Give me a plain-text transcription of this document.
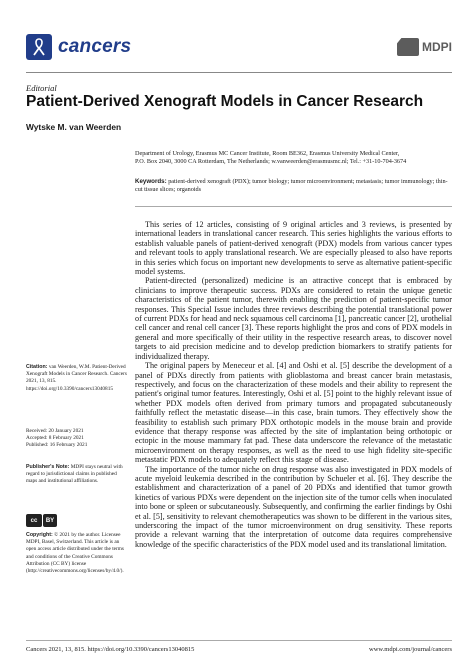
cancers	MDPI
Editorial
Patient-Derived Xenograft Models in Cancer Research
Wytske M. van Weerden
Department of Urology, Erasmus MC Cancer Institute, Room BE362, Erasmus University Medical Center,
P.O. Box 2040, 3000 CA Rotterdam, The Netherlands; w.vanweerden@erasmusmc.nl; Tel.: +31-10-704-3674
Keywords: patient-derived xenograft (PDX); tumor biology; tumor microenvironment; metastasis; tumor immunology; thin-cut tissue slices; organoids

This series of 12 articles, consisting of 9 original articles and 3 reviews, is presented by international leaders in translational cancer research. This series highlights the various efforts to establish valuable panels of patient-derived xenograft (PDX) models from various cancer types and relevant tools to apply translational research. We are especially pleased to also have reports in this series which focus on important new developments to serve as alternative patient-specific model systems.

Patient-directed (personalized) medicine is an attractive concept that is embraced by clinicians to improve therapeutic success. PDXs are considered to retain the unique genetic characteristics of the patient tumor, therewith enabling the prediction of patient-specific tumor responses. This Special Issue includes three reviews describing the potential translational power of current PDXs for head and neck squamous cell carcinoma [1], pancreatic cancer [2], urothelial cell cancer and renal cell cancer [3]. These reports highlight the pros and cons of PDX models in general and more specifically of their utility in the respective research areas, to discover novel targets to aid precision medicine and to develop prediction biomarkers to stratify patients for individualized therapy.

The original papers by Meneceur et al. [4] and Oshi et al. [5] describe the development of a panel of PDXs directly from patients with glioblastoma and breast cancer brain metastasis, respectively, and focus on the characterization of these models and their ability to represent the patient's original tumor features. Interestingly, Oshi et al. [5] point to the highly relevant issue of whether PDX models often derived from primary tumors and propagated subcutaneously faithfully reflect the metastatic disease—in this case, brain tumors. They effectively show the feasibility to establish such primary PDX orthotopic models in the mouse brain and provide evidence that therapy response was affected by the site of implantation being orthotopic or ectopic in the mouse mammary fat pad. These data underscore the relevance of the metastatic microenvironment on therapy responses, as well as the need to use high fidelity site-specific metastatic PDX models to adequately reflect this stage of disease.

The importance of the tumor niche on drug response was also investigated in PDX models of acute myeloid leukemia described in the contribution by Schueler et al. [6]. They describe the establishment and characterization of a panel of 20 PDXs and identified that tumor growth kinetics of various PDXs were dependent on the injection site of the tumor cells when inoculated into bone or spleen or subcutaneously. Subsequently, and confirming the earlier findings by Oshi et al. [5], sensitivity to relevant chemotherapeutics was shown to be different in the various sites, underscoring the impact of the tumor microenvironment on drug sensitivity. These reports provide a relevant warning that the interpretation of outcome data requires comprehensive knowledge of the specific characteristics of the PDX model used and its translational limitation.

Citation: van Weerden, W.M. Patient-Derived Xenograft Models in Cancer Research. Cancers 2021, 13, 815. https://doi.org/10.3390/cancers13040815
Received: 20 January 2021
Accepted: 8 February 2021
Published: 16 February 2021
Publisher's Note: MDPI stays neutral with regard to jurisdictional claims in published maps and institutional affiliations.
cc	BY
Copyright: © 2021 by the author. Licensee MDPI, Basel, Switzerland. This article is an open access article distributed under the terms and conditions of the Creative Commons Attribution (CC BY) license (http://creativecommons.org/licenses/by/4.0/).
Cancers 2021, 13, 815. https://doi.org/10.3390/cancers13040815	www.mdpi.com/journal/cancers
